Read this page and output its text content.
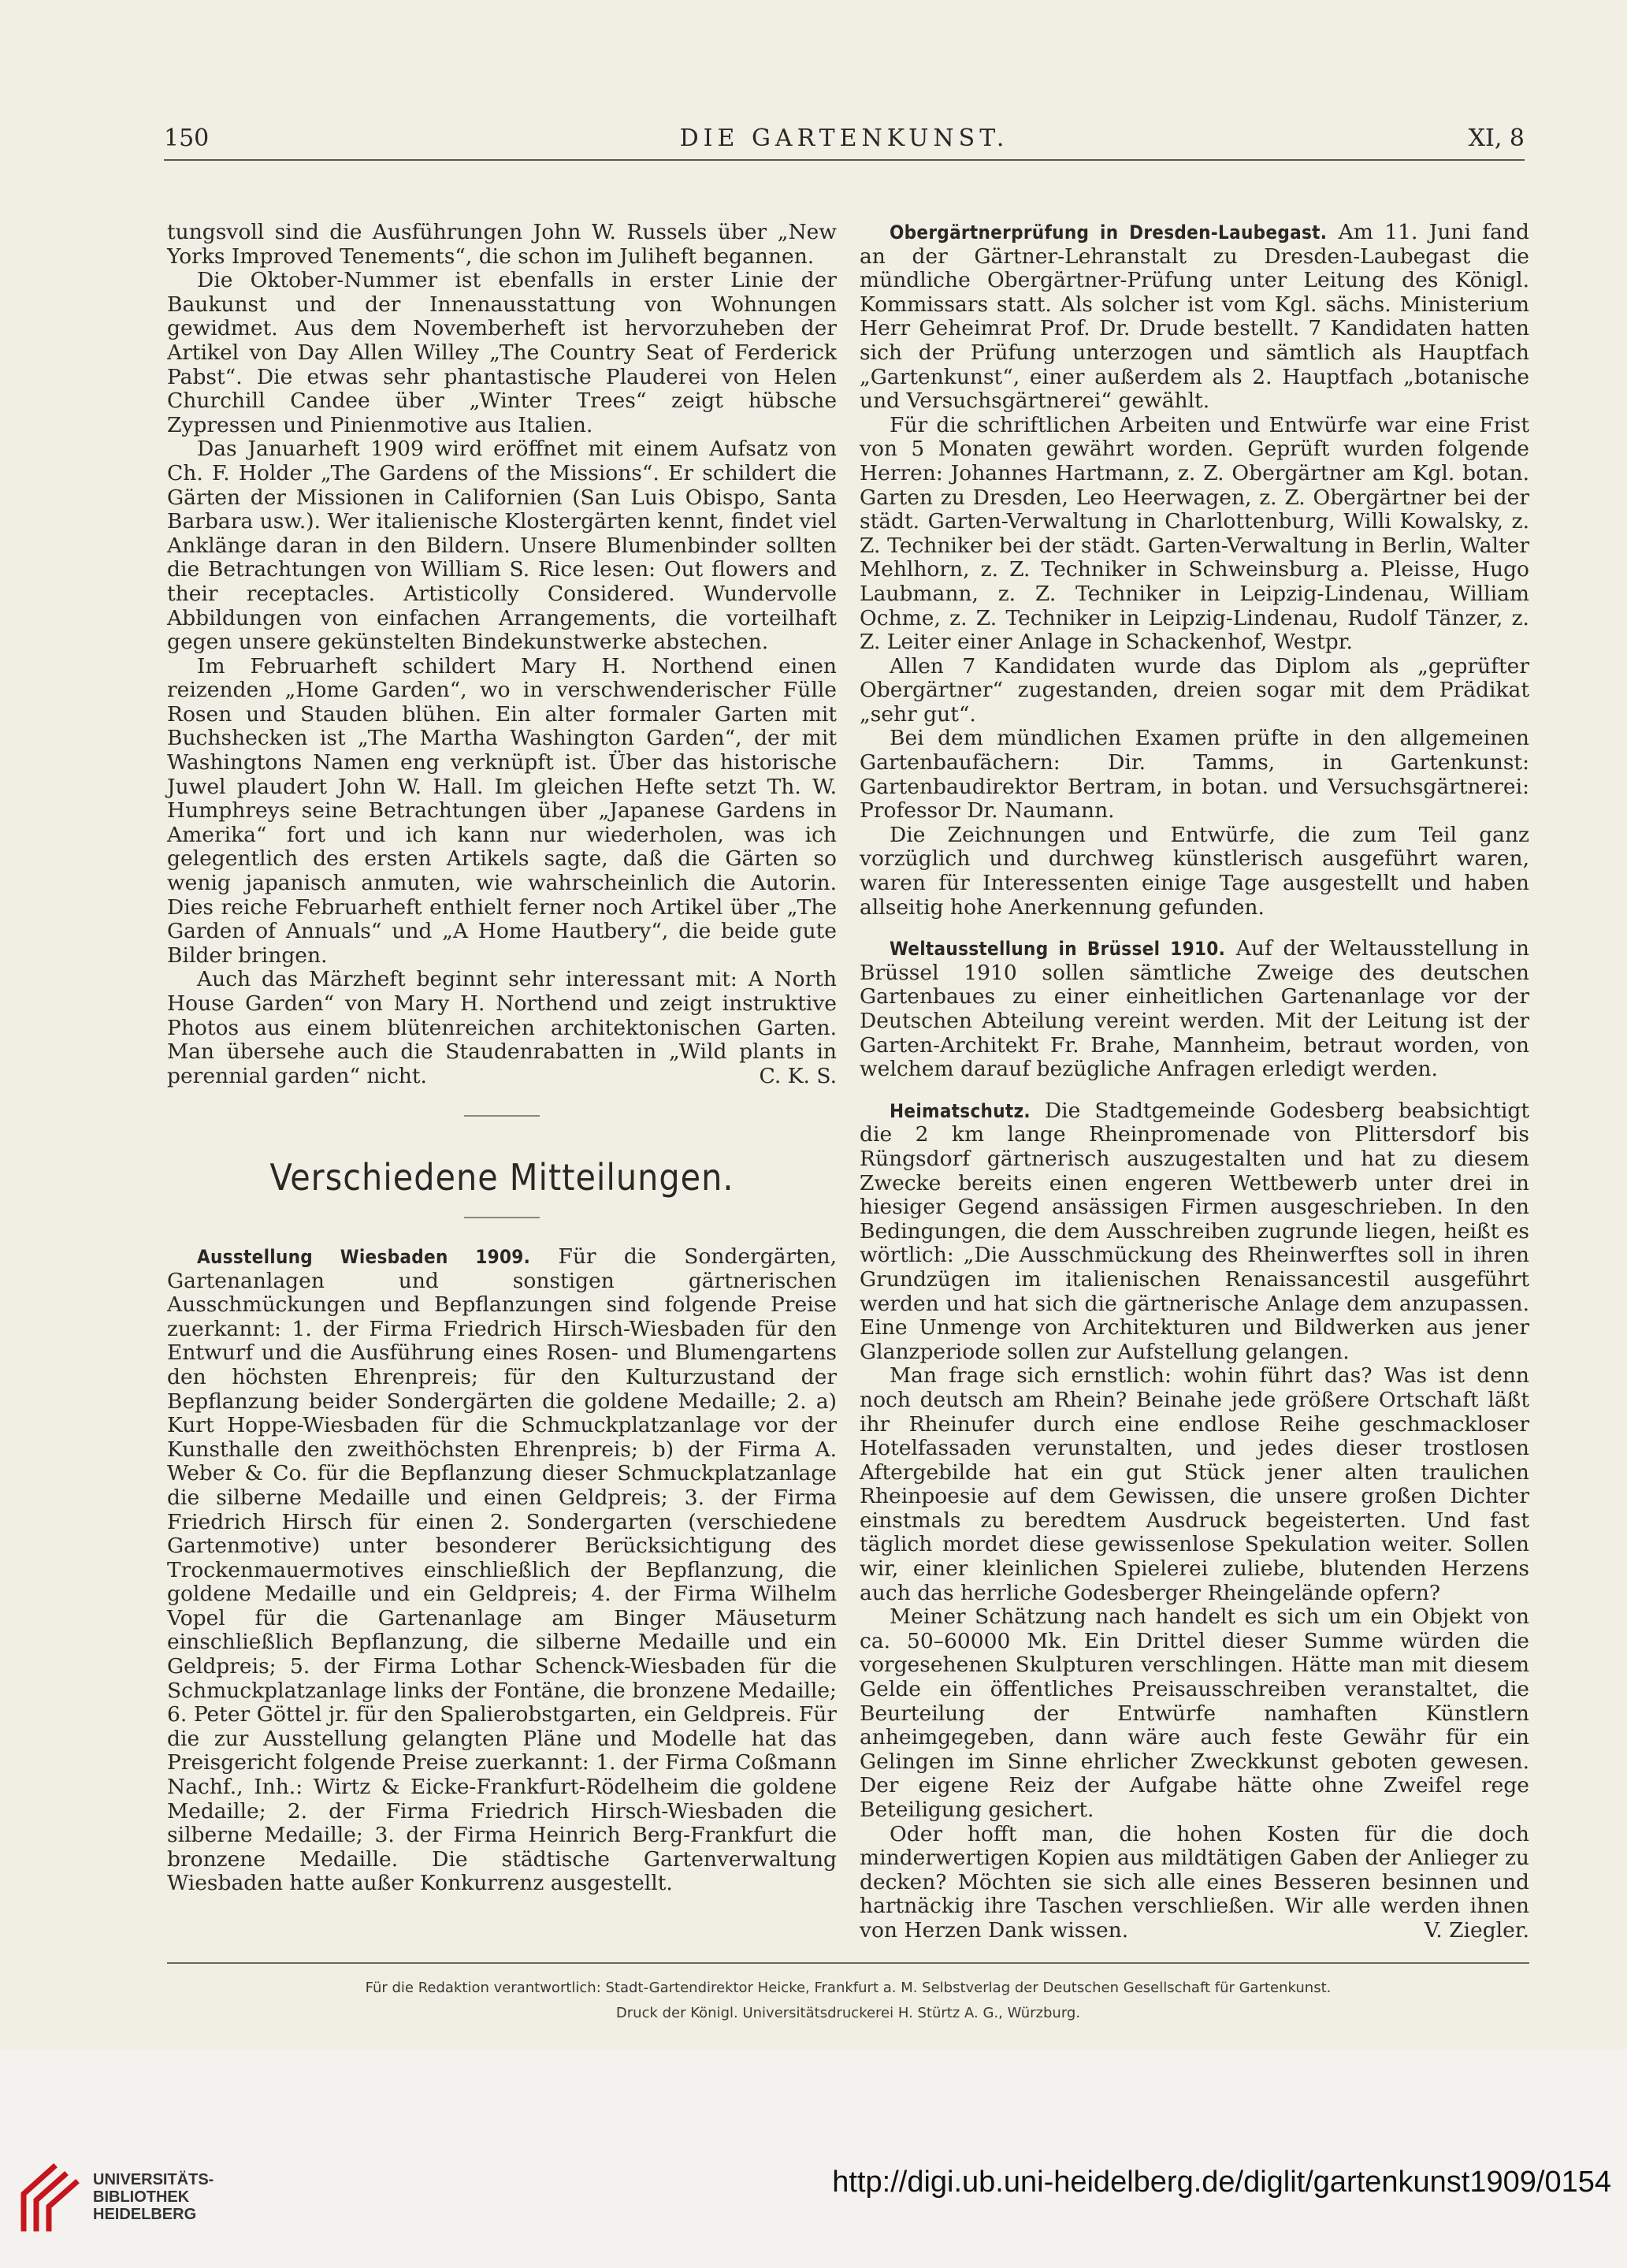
150	DIE GARTENKUNST.	XI, 8

tungsvoll sind die Ausführungen John W. Russels über „New Yorks Improved Tenements“, die schon im Juliheft begannen.

Die Oktober-Nummer ist ebenfalls in erster Linie der Baukunst und der Innenausstattung von Wohnungen gewidmet. Aus dem Novemberheft ist hervorzuheben der Artikel von Day Allen Willey „The Country Seat of Ferderick Pabst“. Die etwas sehr phantastische Plauderei von Helen Churchill Candee über „Winter Trees“ zeigt hübsche Zypressen und Pinienmotive aus Italien.

Das Januarheft 1909 wird eröffnet mit einem Aufsatz von Ch. F. Holder „The Gardens of the Missions“. Er schildert die Gärten der Missionen in Californien (San Luis Obispo, Santa Barbara usw.). Wer italienische Klostergärten kennt, findet viel Anklänge daran in den Bildern. Unsere Blumenbinder sollten die Betrachtungen von William S. Rice lesen: Out flowers and their receptacles. Artisticolly Considered. Wundervolle Abbildungen von einfachen Arrangements, die vorteilhaft gegen unsere gekünstelten Bindekunstwerke abstechen.

Im Februarheft schildert Mary H. Northend einen reizenden „Home Garden“, wo in verschwenderischer Fülle Rosen und Stauden blühen. Ein alter formaler Garten mit Buchshecken ist „The Martha Washington Garden“, der mit Washingtons Namen eng verknüpft ist. Über das historische Juwel plaudert John W. Hall. Im gleichen Hefte setzt Th. W. Humphreys seine Betrachtungen über „Japanese Gardens in Amerika“ fort und ich kann nur wiederholen, was ich gelegentlich des ersten Artikels sagte, daß die Gärten so wenig japanisch anmuten, wie wahrscheinlich die Autorin. Dies reiche Februarheft enthielt ferner noch Artikel über „The Garden of Annuals“ und „A Home Hautbery“, die beide gute Bilder bringen.

Auch das Märzheft beginnt sehr interessant mit: A North House Garden“ von Mary H. Northend und zeigt instruktive Photos aus einem blütenreichen architektonischen Garten. Man übersehe auch die Staudenrabatten in „Wild plants in perennial garden“ nicht.	C. K. S.

Verschiedene Mitteilungen.

Ausstellung Wiesbaden 1909. Für die Sondergärten, Gartenanlagen und sonstigen gärtnerischen Ausschmückungen und Bepflanzungen sind folgende Preise zuerkannt: 1. der Firma Friedrich Hirsch-Wiesbaden für den Entwurf und die Ausführung eines Rosen- und Blumengartens den höchsten Ehrenpreis; für den Kulturzustand der Bepflanzung beider Sondergärten die goldene Medaille; 2. a) Kurt Hoppe-Wiesbaden für die Schmuckplatzanlage vor der Kunsthalle den zweithöchsten Ehrenpreis; b) der Firma A. Weber & Co. für die Bepflanzung dieser Schmuckplatzanlage die silberne Medaille und einen Geldpreis; 3. der Firma Friedrich Hirsch für einen 2. Sondergarten (verschiedene Gartenmotive) unter besonderer Berücksichtigung des Trockenmauermotives einschließlich der Bepflanzung, die goldene Medaille und ein Geldpreis; 4. der Firma Wilhelm Vopel für die Gartenanlage am Binger Mäuseturm einschließlich Bepflanzung, die silberne Medaille und ein Geldpreis; 5. der Firma Lothar Schenck-Wiesbaden für die Schmuckplatzanlage links der Fontäne, die bronzene Medaille; 6. Peter Göttel jr. für den Spalierobstgarten, ein Geldpreis. Für die zur Ausstellung gelangten Pläne und Modelle hat das Preisgericht folgende Preise zuerkannt: 1. der Firma Coßmann Nachf., Inh.: Wirtz & Eicke-Frankfurt-Rödelheim die goldene Medaille; 2. der Firma Friedrich Hirsch-Wiesbaden die silberne Medaille; 3. der Firma Heinrich Berg-Frankfurt die bronzene Medaille. Die städtische Gartenverwaltung Wiesbaden hatte außer Konkurrenz ausgestellt.

Obergärtnerprüfung in Dresden-Laubegast. Am 11. Juni fand an der Gärtner-Lehranstalt zu Dresden-Laubegast die mündliche Obergärtner-Prüfung unter Leitung des Königl. Kommissars statt. Als solcher ist vom Kgl. sächs. Ministerium Herr Geheimrat Prof. Dr. Drude bestellt. 7 Kandidaten hatten sich der Prüfung unterzogen und sämtlich als Hauptfach „Gartenkunst“, einer außerdem als 2. Hauptfach „botanische und Versuchsgärtnerei“ gewählt.

Für die schriftlichen Arbeiten und Entwürfe war eine Frist von 5 Monaten gewährt worden. Geprüft wurden folgende Herren: Johannes Hartmann, z. Z. Obergärtner am Kgl. botan. Garten zu Dresden, Leo Heerwagen, z. Z. Obergärtner bei der städt. Garten-Verwaltung in Charlottenburg, Willi Kowalsky, z. Z. Techniker bei der städt. Garten-Verwaltung in Berlin, Walter Mehlhorn, z. Z. Techniker in Schweinsburg a. Pleisse, Hugo Laubmann, z. Z. Techniker in Leipzig-Lindenau, William Ochme, z. Z. Techniker in Leipzig-Lindenau, Rudolf Tänzer, z. Z. Leiter einer Anlage in Schackenhof, Westpr.

Allen 7 Kandidaten wurde das Diplom als „geprüfter Obergärtner“ zugestanden, dreien sogar mit dem Prädikat „sehr gut“.

Bei dem mündlichen Examen prüfte in den allgemeinen Gartenbaufächern: Dir. Tamms, in Gartenkunst: Gartenbaudirektor Bertram, in botan. und Versuchsgärtnerei: Professor Dr. Naumann.

Die Zeichnungen und Entwürfe, die zum Teil ganz vorzüglich und durchweg künstlerisch ausgeführt waren, waren für Interessenten einige Tage ausgestellt und haben allseitig hohe Anerkennung gefunden.

Weltausstellung in Brüssel 1910. Auf der Weltausstellung in Brüssel 1910 sollen sämtliche Zweige des deutschen Gartenbaues zu einer einheitlichen Gartenanlage vor der Deutschen Abteilung vereint werden. Mit der Leitung ist der Garten-Architekt Fr. Brahe, Mannheim, betraut worden, von welchem darauf bezügliche Anfragen erledigt werden.

Heimatschutz. Die Stadtgemeinde Godesberg beabsichtigt die 2 km lange Rheinpromenade von Plittersdorf bis Rüngsdorf gärtnerisch auszugestalten und hat zu diesem Zwecke bereits einen engeren Wettbewerb unter drei in hiesiger Gegend ansässigen Firmen ausgeschrieben. In den Bedingungen, die dem Ausschreiben zugrunde liegen, heißt es wörtlich: „Die Ausschmückung des Rheinwerftes soll in ihren Grundzügen im italienischen Renaissancestil ausgeführt werden und hat sich die gärtnerische Anlage dem anzupassen. Eine Unmenge von Architekturen und Bildwerken aus jener Glanzperiode sollen zur Aufstellung gelangen.

Man frage sich ernstlich: wohin führt das? Was ist denn noch deutsch am Rhein? Beinahe jede größere Ortschaft läßt ihr Rheinufer durch eine endlose Reihe geschmackloser Hotelfassaden verunstalten, und jedes dieser trostlosen Aftergebilde hat ein gut Stück jener alten traulichen Rheinpoesie auf dem Gewissen, die unsere großen Dichter einstmals zu beredtem Ausdruck begeisterten. Und fast täglich mordet diese gewissenlose Spekulation weiter. Sollen wir, einer kleinlichen Spielerei zuliebe, blutenden Herzens auch das herrliche Godesberger Rheingelände opfern?

Meiner Schätzung nach handelt es sich um ein Objekt von ca. 50–60000 Mk. Ein Drittel dieser Summe würden die vorgesehenen Skulpturen verschlingen. Hätte man mit diesem Gelde ein öffentliches Preisausschreiben veranstaltet, die Beurteilung der Entwürfe namhaften Künstlern anheimgegeben, dann wäre auch feste Gewähr für ein Gelingen im Sinne ehrlicher Zweckkunst geboten gewesen. Der eigene Reiz der Aufgabe hätte ohne Zweifel rege Beteiligung gesichert.

Oder hofft man, die hohen Kosten für die doch minderwertigen Kopien aus mildtätigen Gaben der Anlieger zu decken? Möchten sie sich alle eines Besseren besinnen und hartnäckig ihre Taschen verschließen. Wir alle werden ihnen von Herzen Dank wissen.	V. Ziegler.

Für die Redaktion verantwortlich: Stadt-Gartendirektor Heicke, Frankfurt a. M. Selbstverlag der Deutschen Gesellschaft für Gartenkunst.
Druck der Königl. Universitätsdruckerei H. Stürtz A. G., Würzburg.
UNIVERSITÄTS-
BIBLIOTHEK
HEIDELBERG
http://digi.ub.uni-heidelberg.de/diglit/gartenkunst1909/0154
